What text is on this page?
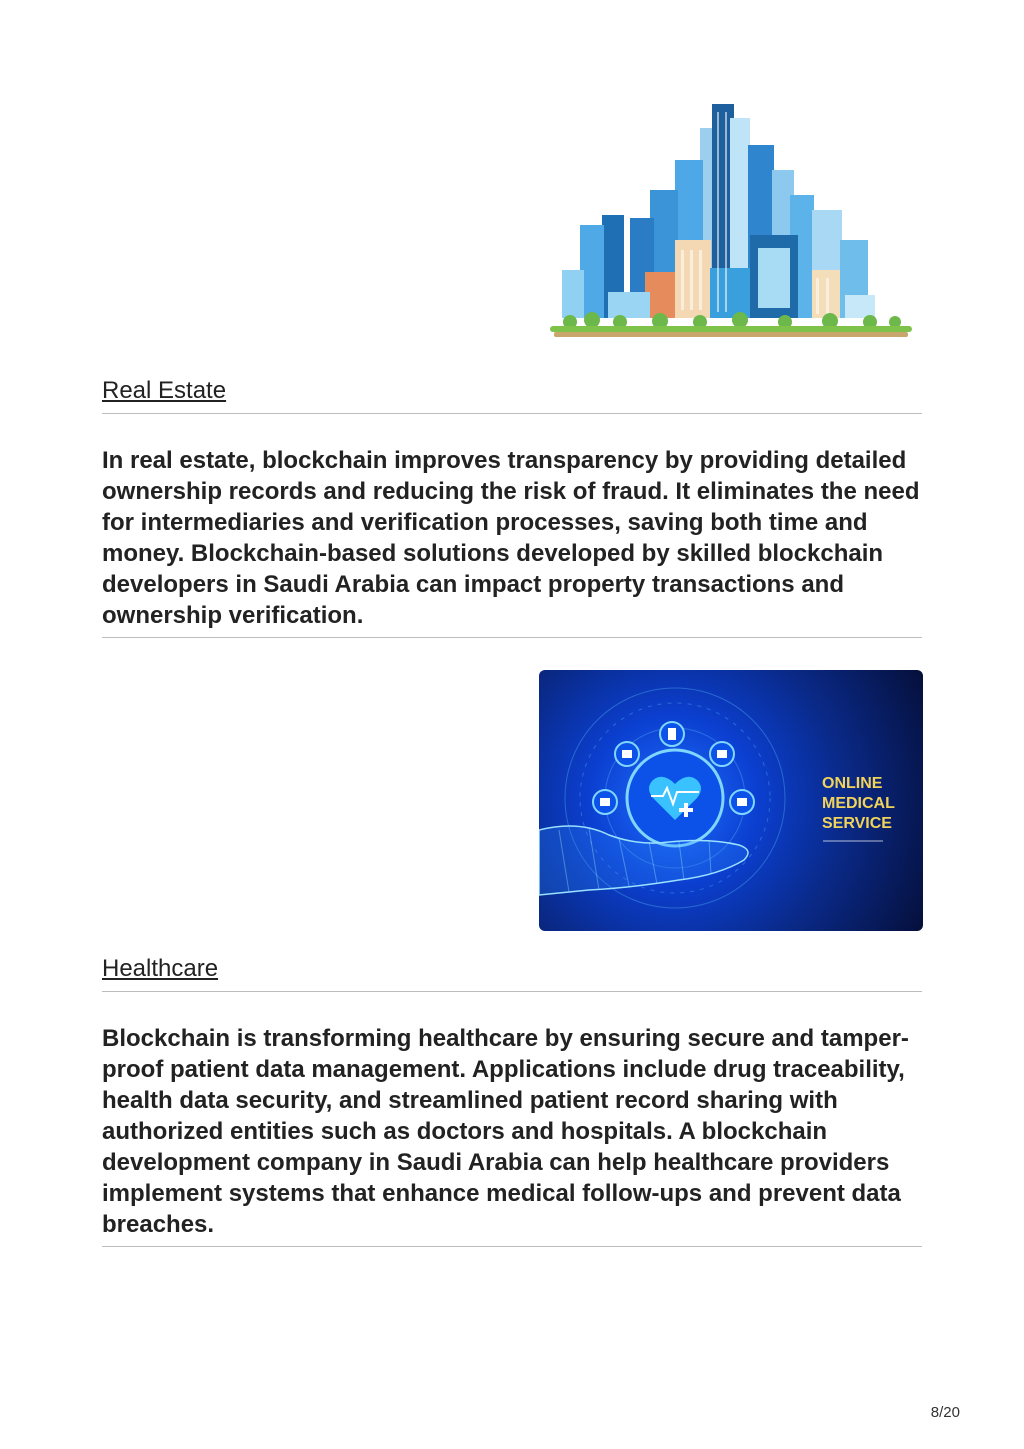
Real Estate

In real estate, blockchain improves transparency by providing detailed ownership records and reducing the risk of fraud. It eliminates the need for intermediaries and verification processes, saving both time and money. Blockchain-based solutions developed by skilled blockchain developers in Saudi Arabia can impact property transactions and ownership verification.

ONLINE
MEDICAL
SERVICE
Healthcare

Blockchain is transforming healthcare by ensuring secure and tamper-proof patient data management. Applications include drug traceability, health data security, and streamlined patient record sharing with authorized entities such as doctors and hospitals. A blockchain development company in Saudi Arabia can help healthcare providers implement systems that enhance medical follow-ups and prevent data breaches.

8/20
